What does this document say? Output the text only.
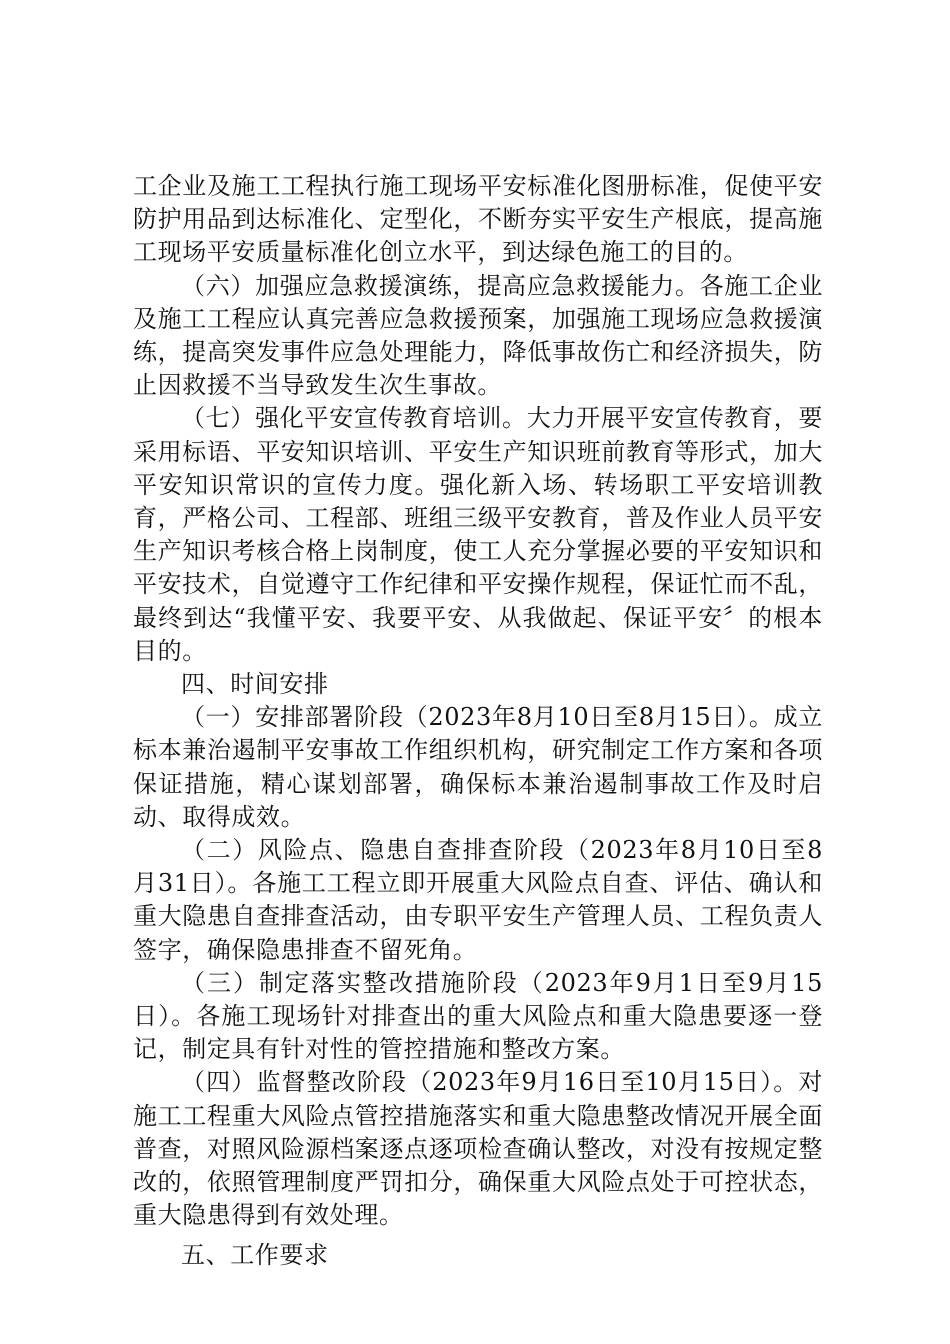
工企业及施工工程执行施工现场平安标准化图册标准，促使平安防护用品到达标准化、定型化，不断夯实平安生产根底，提高施工现场平安质量标准化创立水平，到达绿色施工的目的。

（六）加强应急救援演练，提高应急救援能力。各施工企业及施工工程应认真完善应急救援预案，加强施工现场应急救援演练，提高突发事件应急处理能力，降低事故伤亡和经济损失，防止因救援不当导致发生次生事故。

（七）强化平安宣传教育培训。大力开展平安宣传教育，要采用标语、平安知识培训、平安生产知识班前教育等形式，加大平安知识常识的宣传力度。强化新入场、转场职工平安培训教育，严格公司、工程部、班组三级平安教育，普及作业人员平安生产知识考核合格上岗制度，使工人充分掌握必要的平安知识和平安技术，自觉遵守工作纪律和平安操作规程，保证忙而不乱，最终到达“我懂平安、我要平安、从我做起、保证平安〞的根本目的。

四、时间安排

（一）安排部署阶段（2023年8月10日至8月15日）。成立标本兼治遏制平安事故工作组织机构，研究制定工作方案和各项保证措施，精心谋划部署，确保标本兼治遏制事故工作及时启动、取得成效。

（二）风险点、隐患自查排查阶段（2023年8月10日至8月31日）。各施工工程立即开展重大风险点自查、评估、确认和重大隐患自查排查活动，由专职平安生产管理人员、工程负责人签字，确保隐患排查不留死角。

（三）制定落实整改措施阶段（2023年9月1日至9月15日）。各施工现场针对排查出的重大风险点和重大隐患要逐一登记，制定具有针对性的管控措施和整改方案。

（四）监督整改阶段（2023年9月16日至10月15日）。对施工工程重大风险点管控措施落实和重大隐患整改情况开展全面普查，对照风险源档案逐点逐项检查确认整改，对没有按规定整改的，依照管理制度严罚扣分，确保重大风险点处于可控状态，重大隐患得到有效处理。

五、工作要求
